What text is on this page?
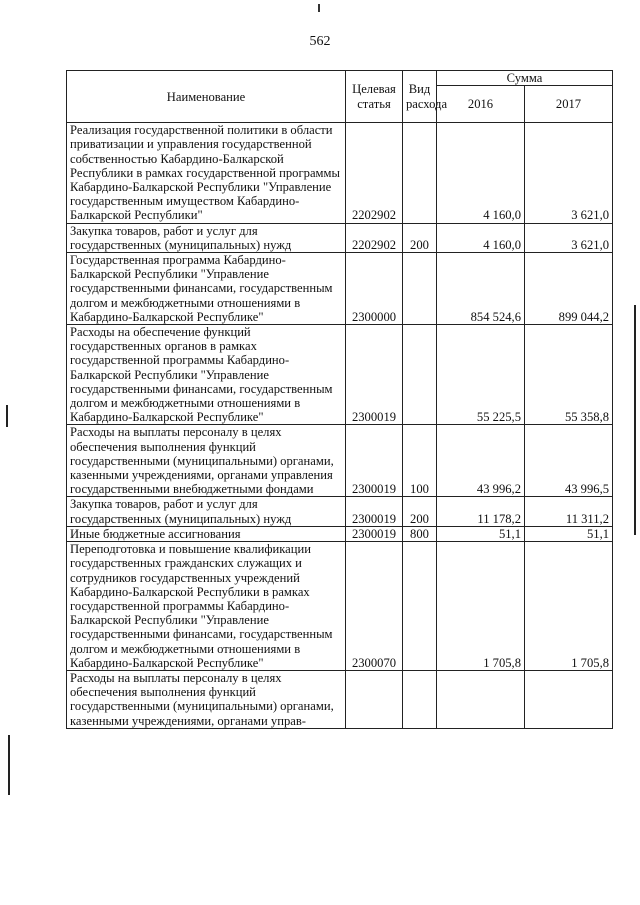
562
Наименование	Целевая статья	Вид расхода	Сумма	
			2016	2017
Реализация государственной политики в области приватизации и управления государственной собственностью Кабардино-Балкарской Республики в рамках государственной программы Кабардино-Балкарской Республики "Управление государственным имуществом Кабардино-Балкарской Республики"	2202902		4 160,0	3 621,0
Закупка товаров, работ и услуг для государственных (муниципальных) нужд	2202902	200	4 160,0	3 621,0
Государственная программа Кабардино-Балкарской Республики "Управление государственными финансами, государственным долгом и межбюджетными отношениями в Кабардино-Балкарской Республике"	2300000		854 524,6	899 044,2
Расходы на обеспечение функций государственных органов в рамках государственной программы Кабардино-Балкарской Республики "Управление государственными финансами, государственным долгом и межбюджетными отношениями в Кабардино-Балкарской Республике"	2300019		55 225,5	55 358,8
Расходы на выплаты персоналу в целях обеспечения выполнения функций государственными (муниципальными) органами, казенными учреждениями, органами управления государственными внебюджетными фондами	2300019	100	43 996,2	43 996,5
Закупка товаров, работ и услуг для государственных (муниципальных) нужд	2300019	200	11 178,2	11 311,2
Иные бюджетные ассигнования	2300019	800	51,1	51,1
Переподготовка и повышение квалификации государственных гражданских служащих и сотрудников государственных учреждений Кабардино-Балкарской Республики в рамках государственной программы Кабардино-Балкарской Республики "Управление государственными финансами, государственным долгом и межбюджетными отношениями в Кабардино-Балкарской Республике"	2300070		1 705,8	1 705,8
Расходы на выплаты персоналу в целях обеспечения выполнения функций государственными (муниципальными) органами, казенными учреждениями, органами управ-				
